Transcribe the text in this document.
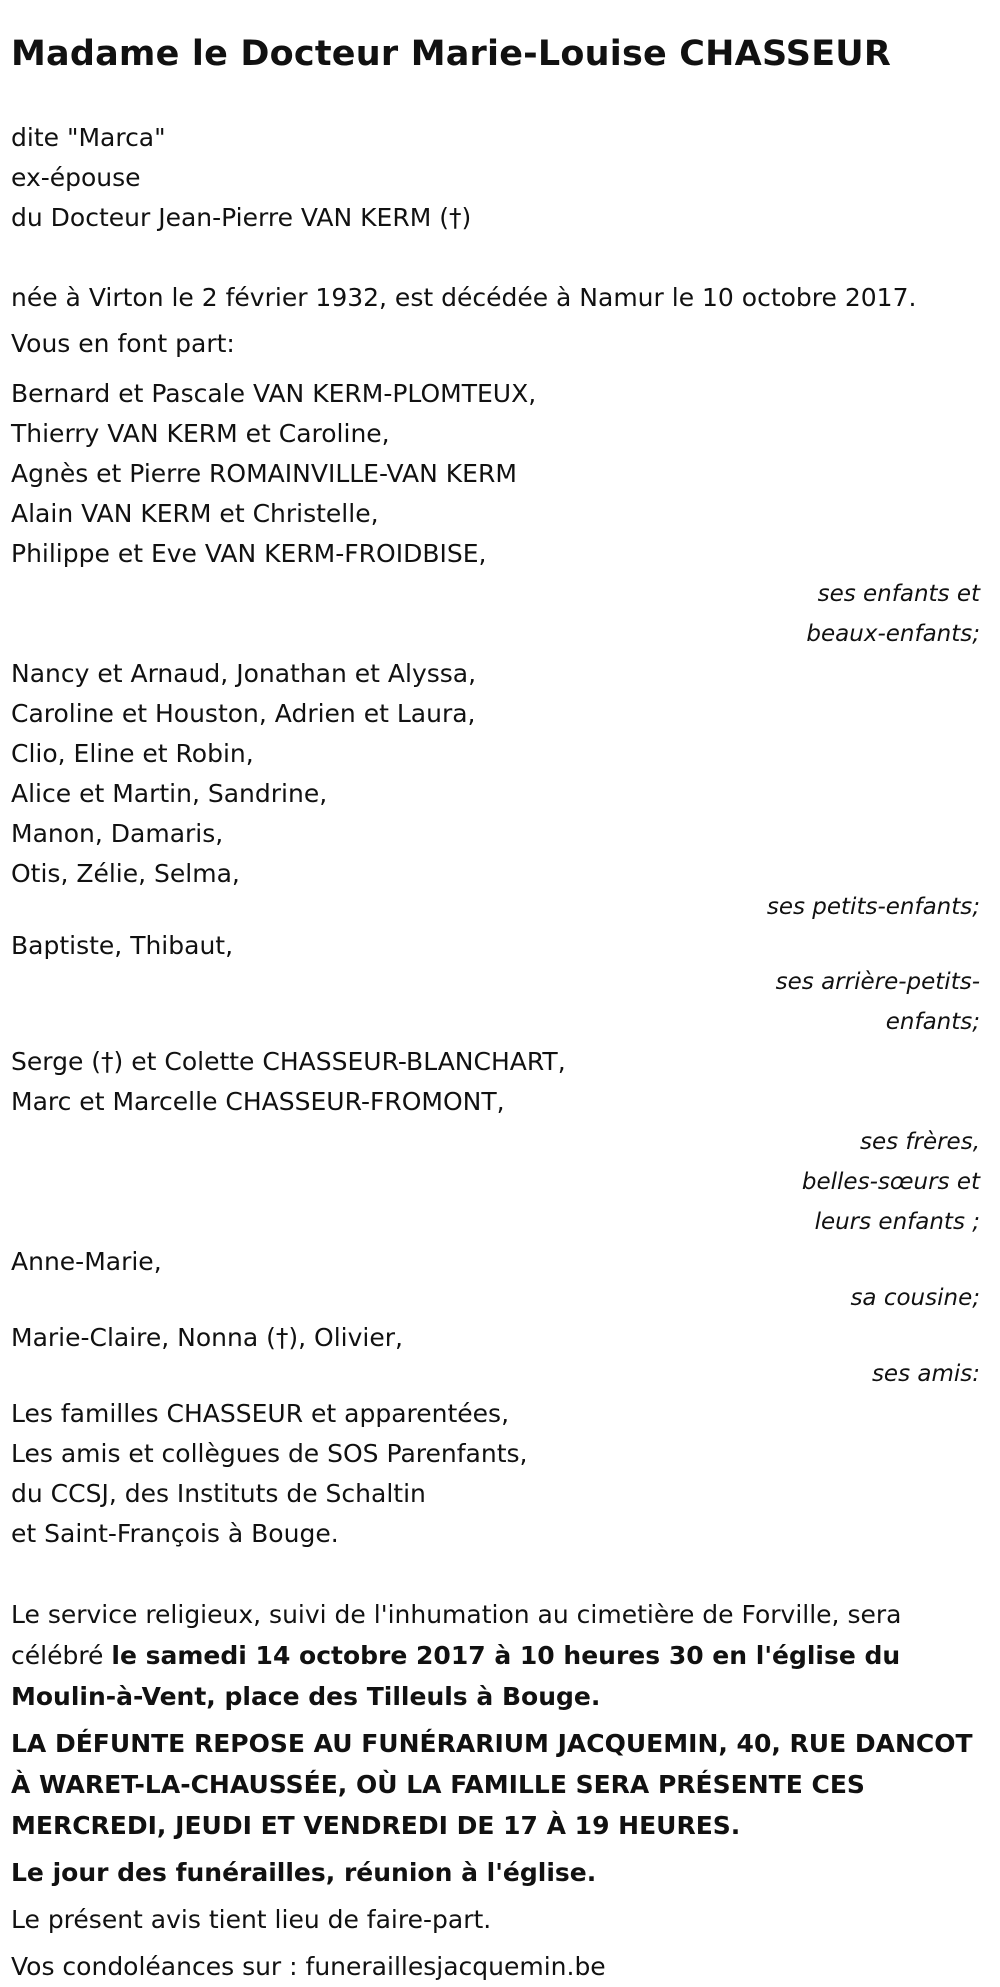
Madame le Docteur Marie-Louise CHASSEUR
dite "Marca"
ex-épouse
du Docteur Jean-Pierre VAN KERM (†)
née à Virton le 2 février 1932, est décédée à Namur le 10 octobre 2017.
Vous en font part:
Bernard et Pascale VAN KERM-PLOMTEUX,
Thierry VAN KERM et Caroline,
Agnès et Pierre ROMAINVILLE-VAN KERM
Alain VAN KERM et Christelle,
Philippe et Eve VAN KERM-FROIDBISE,
ses enfants et
beaux-enfants;
Nancy et Arnaud, Jonathan et Alyssa,
Caroline et Houston, Adrien et Laura,
Clio, Eline et Robin,
Alice et Martin, Sandrine,
Manon, Damaris,
Otis, Zélie, Selma,
ses petits-enfants;
Baptiste, Thibaut,
ses arrière-petits-
enfants;
Serge (†) et Colette CHASSEUR-BLANCHART,
Marc et Marcelle CHASSEUR-FROMONT,
ses frères,
belles-sœurs et
leurs enfants ;
Anne-Marie,
sa cousine;
Marie-Claire, Nonna (†), Olivier,
ses amis:
Les familles CHASSEUR et apparentées,
Les amis et collègues de SOS Parenfants,
du CCSJ, des Instituts de Schaltin
et Saint-François à Bouge.
Le service religieux, suivi de l'inhumation au cimetière de Forville, sera célébré le samedi 14 octobre 2017 à 10 heures 30 en l'église du Moulin-à-Vent, place des Tilleuls à Bouge.
LA DÉFUNTE REPOSE AU FUNÉRARIUM JACQUEMIN, 40, RUE DANCOT À WARET-LA-CHAUSSÉE, OÙ LA FAMILLE SERA PRÉSENTE CES MERCREDI, JEUDI ET VENDREDI DE 17 À 19 HEURES.
Le jour des funérailles, réunion à l'église.
Le présent avis tient lieu de faire-part.
Vos condoléances sur : funeraillesjacquemin.be
